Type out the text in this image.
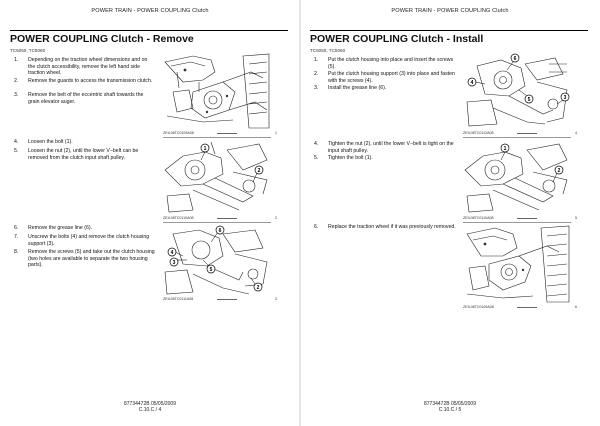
POWER TRAIN - POWER COUPLING Clutch
POWER COUPLING Clutch - Remove
TC5050, TC5060
1.	Depending on the traction wheel dimensions and on the clutch accessibility, remove the left hand side traction wheel.
2.	Remove the guards to access the transmission clutch.
3.	Remove the belt of the eccentric shaft towards the grain elevator auger.
4.	Loosen the bolt (1).
5.	Loosen the nut (2), until the lower V−belt can be removed from the clutch input shaft pulley.
6.	Remove the grease line (6).
7.	Unscrew the bolts (4) and remove the clutch housing support (3).
8.	Remove the screws (5) and take out the clutch housing (two holes are available to separate the two housing parts).
ZEIL08TC0109A08	1
1
2
ZEIL08TC0110A08	2
6
4
3
5
2
ZEIL08TC0111A08	3
87734472B 05/05/2009
C.10.C / 4
POWER TRAIN - POWER COUPLING Clutch
POWER COUPLING Clutch - Install
TC5050, TC5060
1.	Put the clutch housing into place and insert the screws (5).
2.	Put the clutch housing support (3) into place and fasten with the screws (4).
3.	Install the grease line (6).
4.	Tighten the nut (2), until the lower V−belt is tight on the input shaft pulley.
5.	Tighten the bolt (1).
6.	Replace the traction wheel if it was previously removed.
6
4
5	3
ZEIL08TC0112A08	4
1
2
ZEIL08TC0110A08	5
ZEIL08TC0109A08	6
87734472B 05/05/2009
C.10.C / 5
